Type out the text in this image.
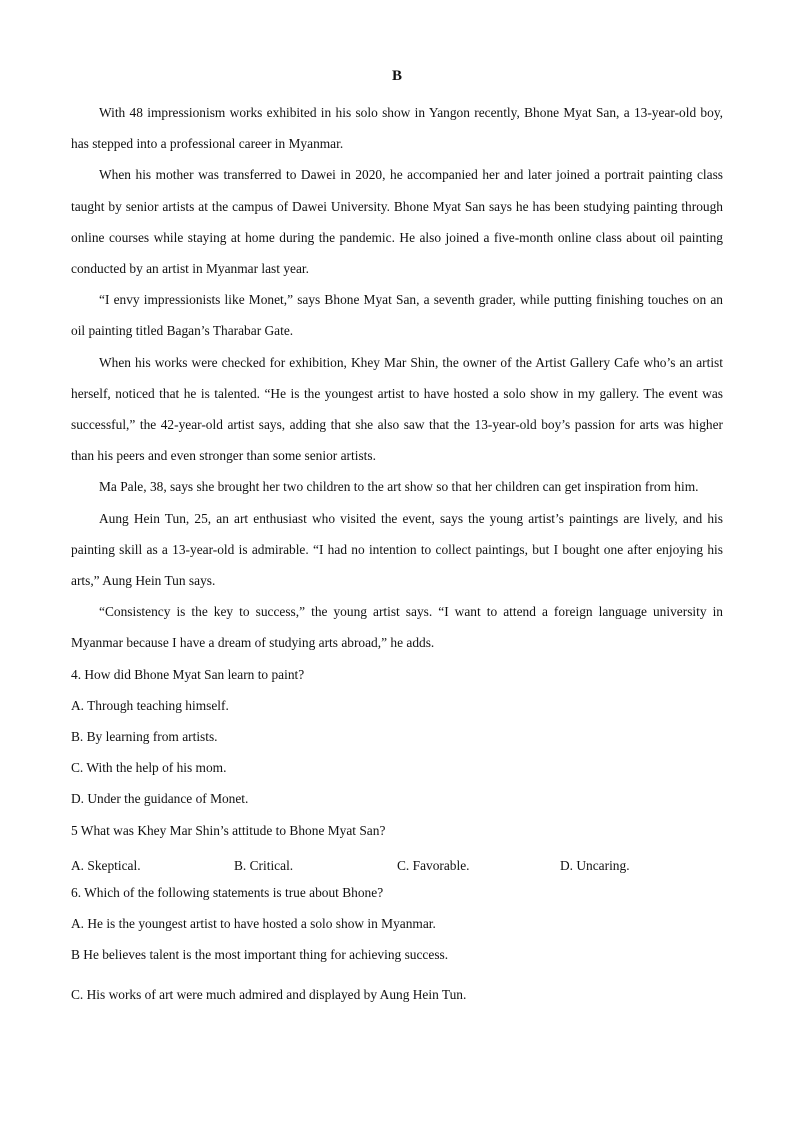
B

With 48 impressionism works exhibited in his solo show in Yangon recently, Bhone Myat San, a 13-year-old boy, has stepped into a professional career in Myanmar.

When his mother was transferred to Dawei in 2020, he accompanied her and later joined a portrait painting class taught by senior artists at the campus of Dawei University. Bhone Myat San says he has been studying painting through online courses while staying at home during the pandemic. He also joined a five-month online class about oil painting conducted by an artist in Myanmar last year.

“I envy impressionists like Monet,” says Bhone Myat San, a seventh grader, while putting finishing touches on an oil painting titled Bagan’s Tharabar Gate.

When his works were checked for exhibition, Khey Mar Shin, the owner of the Artist Gallery Cafe who’s an artist herself, noticed that he is talented. “He is the youngest artist to have hosted a solo show in my gallery. The event was successful,” the 42-year-old artist says, adding that she also saw that the 13-year-old boy’s passion for arts was higher than his peers and even stronger than some senior artists.

Ma Pale, 38, says she brought her two children to the art show so that her children can get inspiration from him.

Aung Hein Tun, 25, an art enthusiast who visited the event, says the young artist’s paintings are lively, and his painting skill as a 13-year-old is admirable. “I had no intention to collect paintings, but I bought one after enjoying his arts,” Aung Hein Tun says.

“Consistency is the key to success,” the young artist says. “I want to attend a foreign language university in Myanmar because I have a dream of studying arts abroad,” he adds.

4. How did Bhone Myat San learn to paint?

A. Through teaching himself.

B. By learning from artists.

C. With the help of his mom.

D. Under the guidance of Monet.

5 What was Khey Mar Shin’s attitude to Bhone Myat San?

A. Skeptical.	B. Critical.	C. Favorable.	D. Uncaring.

6. Which of the following statements is true about Bhone?

A. He is the youngest artist to have hosted a solo show in Myanmar.

B He believes talent is the most important thing for achieving success.

C. His works of art were much admired and displayed by Aung Hein Tun.
